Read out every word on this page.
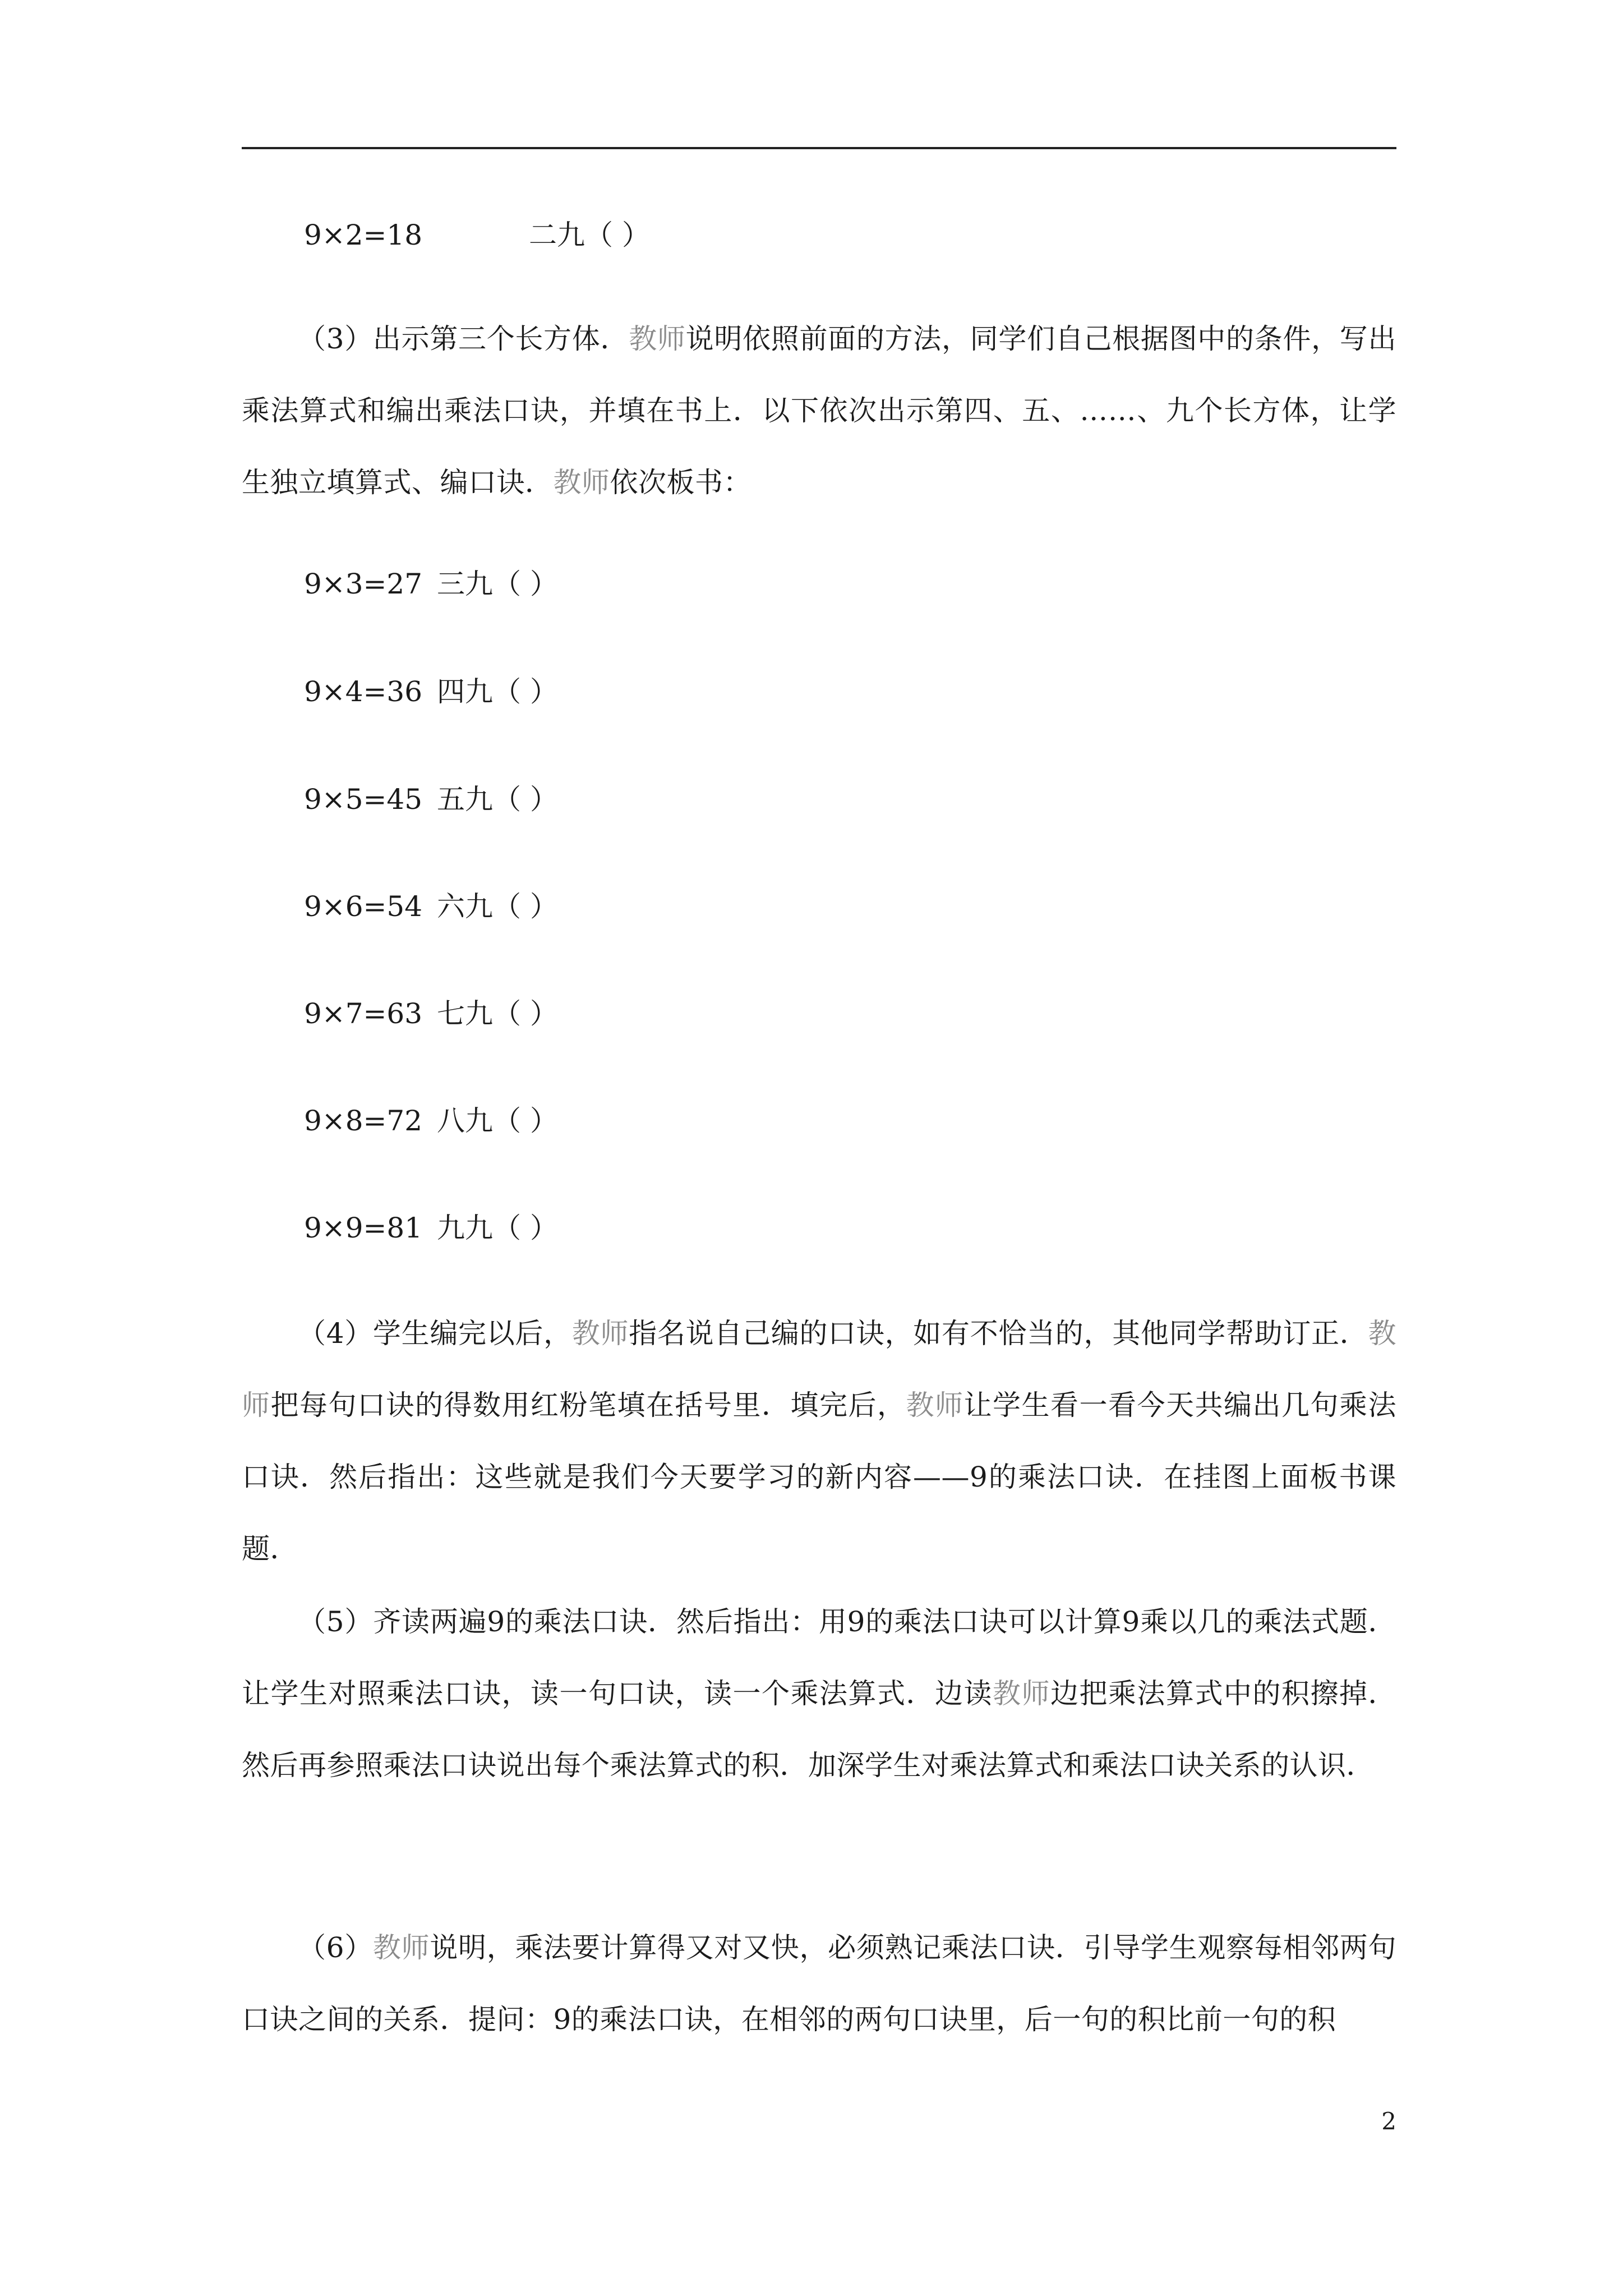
9×2=18	二九（ ）
（3）出示第三个长方体．教师说明依照前面的方法，同学们自己根据图中的条件，写出乘法算式和编出乘法口诀，并填在书上．以下依次出示第四、五、……、九个长方体，让学生独立填算式、编口诀．教师依次板书：
9×3=27 三九（ ）
9×4=36 四九（ ）
9×5=45 五九（ ）
9×6=54 六九（ ）
9×7=63 七九（ ）
9×8=72 八九（ ）
9×9=81 九九（ ）
（4）学生编完以后，教师指名说自己编的口诀，如有不恰当的，其他同学帮助订正．教师把每句口诀的得数用红粉笔填在括号里．填完后，教师让学生看一看今天共编出几句乘法口诀．然后指出：这些就是我们今天要学习的新内容——9的乘法口诀．在挂图上面板书课题．
（5）齐读两遍9的乘法口诀．然后指出：用9的乘法口诀可以计算9乘以几的乘法式题．让学生对照乘法口诀，读一句口诀，读一个乘法算式．边读教师边把乘法算式中的积擦掉．然后再参照乘法口诀说出每个乘法算式的积．加深学生对乘法算式和乘法口诀关系的认识．
（6）教师说明，乘法要计算得又对又快，必须熟记乘法口诀．引导学生观察每相邻两句口诀之间的关系．提问：9的乘法口诀，在相邻的两句口诀里，后一句的积比前一句的积
2
